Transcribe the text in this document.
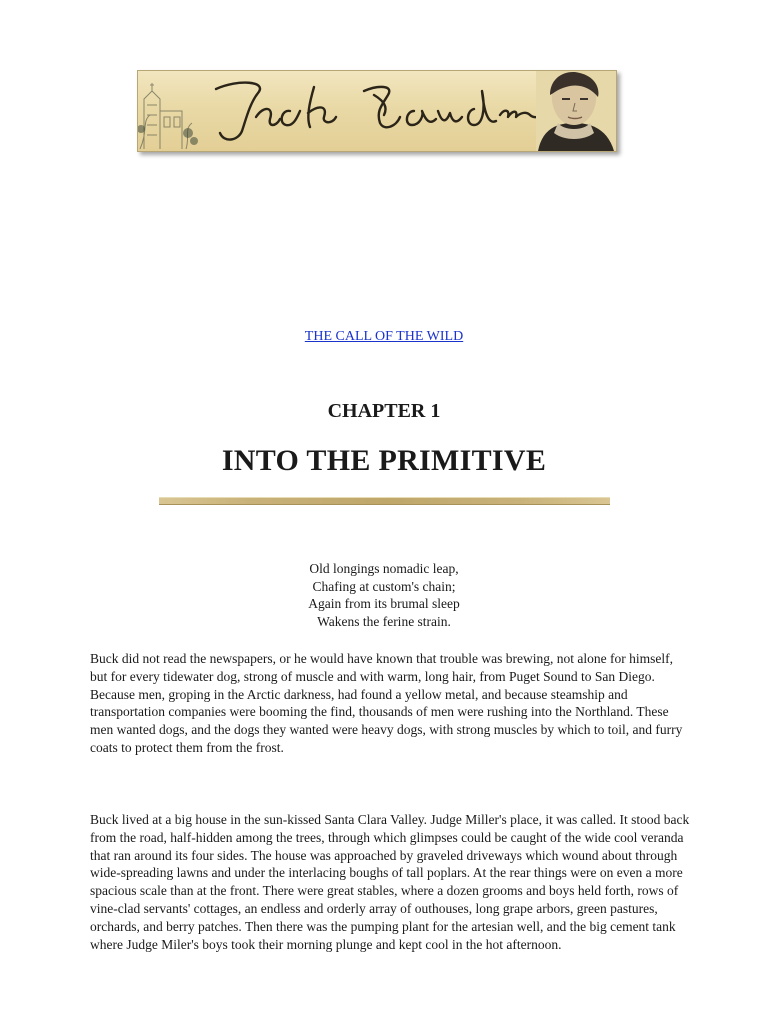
THE CALL OF THE WILD
CHAPTER 1
INTO THE PRIMITIVE
Old longings nomadic leap,
Chafing at custom's chain;
Again from its brumal sleep
Wakens the ferine strain.

Buck did not read the newspapers, or he would have known that trouble was brewing, not alone for himself, but for every tidewater dog, strong of muscle and with warm, long hair, from Puget Sound to San Diego. Because men, groping in the Arctic darkness, had found a yellow metal, and because steamship and transportation companies were booming the find, thousands of men were rushing into the Northland. These men wanted dogs, and the dogs they wanted were heavy dogs, with strong muscles by which to toil, and furry coats to protect them from the frost.

Buck lived at a big house in the sun-kissed Santa Clara Valley. Judge Miller's place, it was called. It stood back from the road, half-hidden among the trees, through which glimpses could be caught of the wide cool veranda that ran around its four sides. The house was approached by graveled driveways which wound about through wide-spreading lawns and under the interlacing boughs of tall poplars. At the rear things were on even a more spacious scale than at the front. There were great stables, where a dozen grooms and boys held forth, rows of vine-clad servants' cottages, an endless and orderly array of outhouses, long grape arbors, green pastures, orchards, and berry patches. Then there was the pumping plant for the artesian well, and the big cement tank where Judge Miler's boys took their morning plunge and kept cool in the hot afternoon.
